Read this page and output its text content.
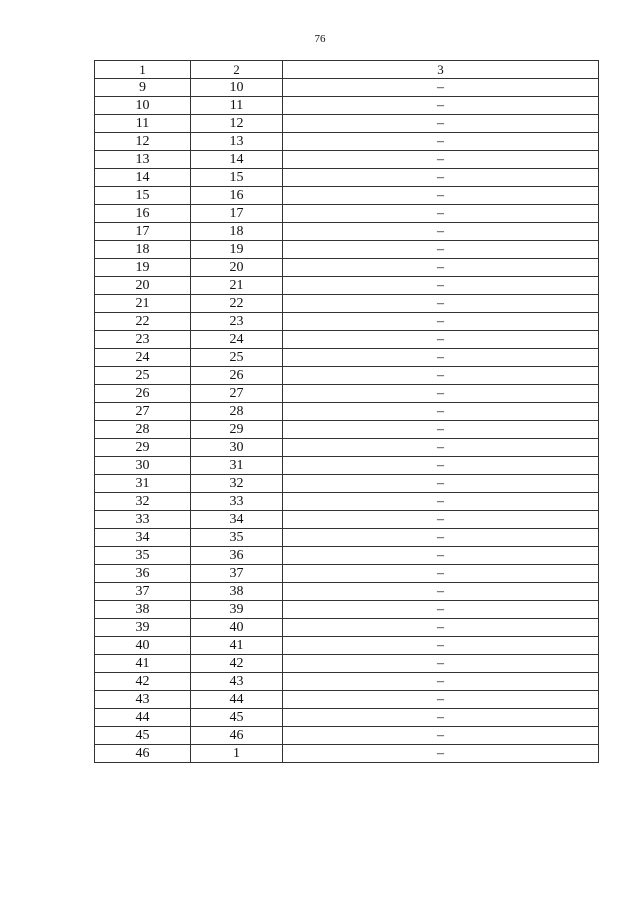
76
1	2	3
9	10	–
10	11	–
11	12	–
12	13	–
13	14	–
14	15	–
15	16	–
16	17	–
17	18	–
18	19	–
19	20	–
20	21	–
21	22	–
22	23	–
23	24	–
24	25	–
25	26	–
26	27	–
27	28	–
28	29	–
29	30	–
30	31	–
31	32	–
32	33	–
33	34	–
34	35	–
35	36	–
36	37	–
37	38	–
38	39	–
39	40	–
40	41	–
41	42	–
42	43	–
43	44	–
44	45	–
45	46	–
46	1	–
